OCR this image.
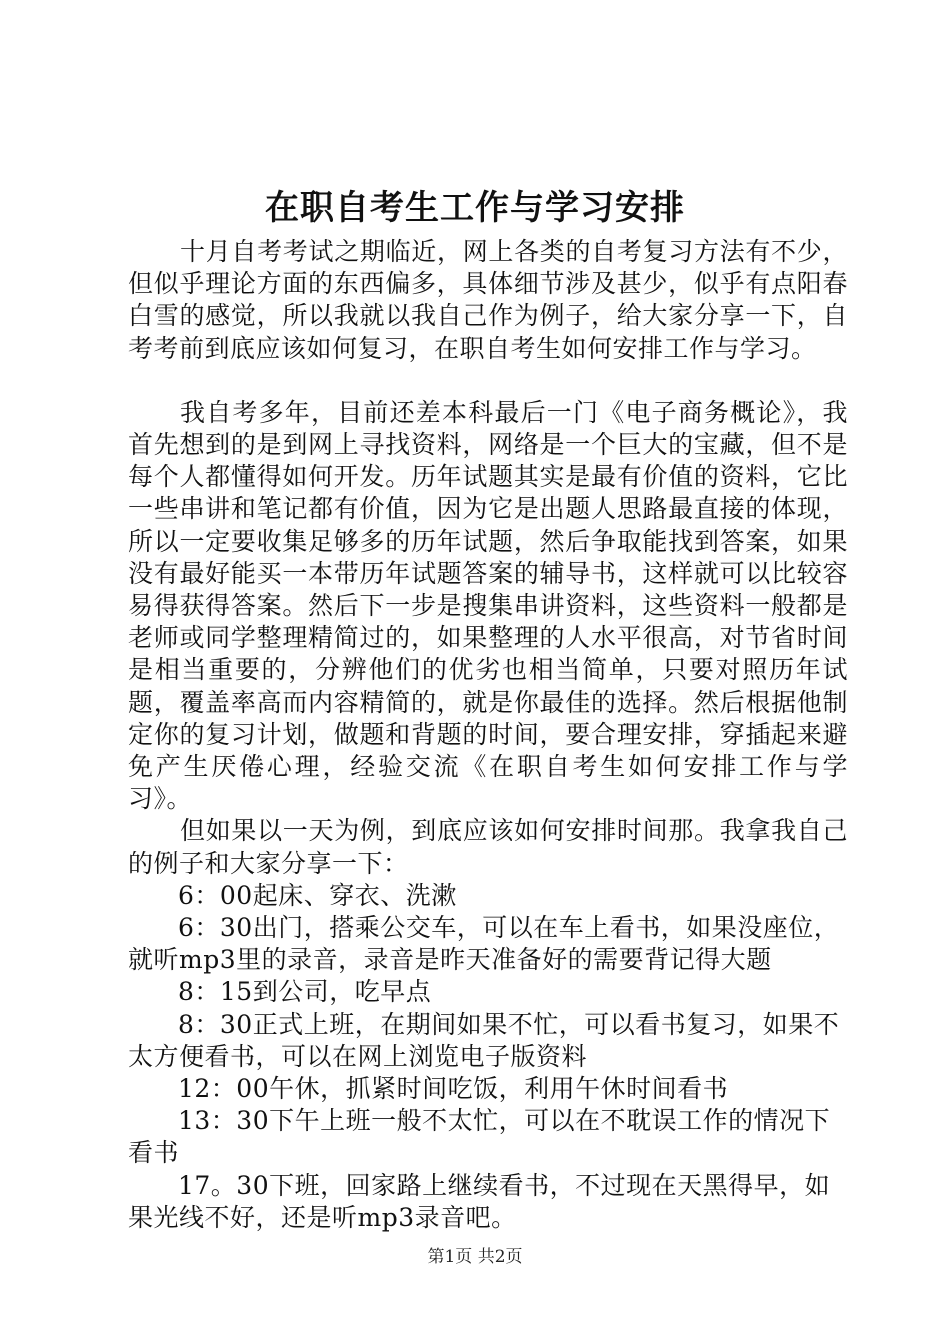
在职自考生工作与学习安排

十月自考考试之期临近，网上各类的自考复习方法有不少，但似乎理论方面的东西偏多，具体细节涉及甚少，似乎有点阳春白雪的感觉，所以我就以我自己作为例子，给大家分享一下，自考考前到底应该如何复习，在职自考生如何安排工作与学习。

我自考多年，目前还差本科最后一门《电子商务概论》，我首先想到的是到网上寻找资料，网络是一个巨大的宝藏，但不是每个人都懂得如何开发。历年试题其实是最有价值的资料，它比一些串讲和笔记都有价值，因为它是出题人思路最直接的体现，所以一定要收集足够多的历年试题，然后争取能找到答案，如果没有最好能买一本带历年试题答案的辅导书，这样就可以比较容易得获得答案。然后下一步是搜集串讲资料，这些资料一般都是老师或同学整理精简过的，如果整理的人水平很高，对节省时间是相当重要的，分辨他们的优劣也相当简单，只要对照历年试题，覆盖率高而内容精简的，就是你最佳的选择。然后根据他制定你的复习计划，做题和背题的时间，要合理安排，穿插起来避免产生厌倦心理，经验交流《在职自考生如何安排工作与学习》。

但如果以一天为例，到底应该如何安排时间那。我拿我自己的例子和大家分享一下：

6：00起床、穿衣、洗漱

6：30出门，搭乘公交车，可以在车上看书，如果没座位，就听mp3里的录音，录音是昨天准备好的需要背记得大题

8：15到公司，吃早点

8：30正式上班，在期间如果不忙，可以看书复习，如果不太方便看书，可以在网上浏览电子版资料

12：00午休，抓紧时间吃饭，利用午休时间看书

13：30下午上班一般不太忙，可以在不耽误工作的情况下看书

17。30下班，回家路上继续看书，不过现在天黑得早，如果光线不好，还是听mp3录音吧。

第1页 共2页
